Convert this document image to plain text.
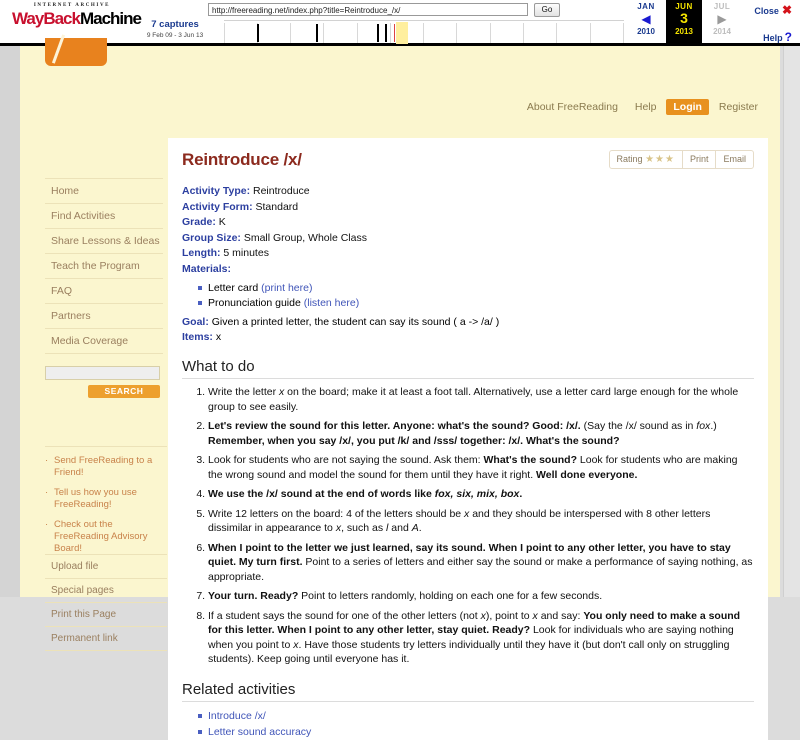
INTERNET ARCHIVE
WayBackMachine	7 captures
9 Feb 09 - 3 Jun 13
http://freereading.net/index.php?title=Reintroduce_/x/	Go	JAN
◀
2010
JUN
3
2013
JUL
▶
2014
Close ✖
Help ?
About FreeReading Help Login Register
Home
Find Activities
Share Lessons & Ideas
Teach the Program
FAQ
Partners
Media Coverage
SEARCH
· Send FreeReading to a Friend!
· Tell us how you use FreeReading!
· Check out the FreeReading Advisory Board!
Upload file
Special pages
Print this Page
Permanent link
Reintroduce /x/	Rating ★★★	Print	Email
Activity Type: Reintroduce
Activity Form: Standard
Grade: K
Group Size: Small Group, Whole Class
Length: 5 minutes
Materials:
Letter card (print here)
Pronunciation guide (listen here)
Goal: Given a printed letter, the student can say its sound ( a -> /a/ )
Items: x
What to do
1. Write the letter x on the board; make it at least a foot tall. Alternatively, use a letter card large enough for the whole group to see easily.
2. Let's review the sound for this letter. Anyone: what's the sound? Good: /x/. (Say the /x/ sound as in fox.) Remember, when you say /x/, you put /k/ and /sss/ together: /x/. What's the sound?
3. Look for students who are not saying the sound. Ask them: What's the sound? Look for students who are making the wrong sound and model the sound for them until they have it right. Well done everyone.
4. We use the /x/ sound at the end of words like fox, six, mix, box.
5. Write 12 letters on the board: 4 of the letters should be x and they should be interspersed with 8 other letters dissimilar in appearance to x, such as l and A.
6. When I point to the letter we just learned, say its sound. When I point to any other letter, you have to stay quiet. My turn first. Point to a series of letters and either say the sound or make a performance of saying nothing, as appropriate.
7. Your turn. Ready? Point to letters randomly, holding on each one for a few seconds.
8. If a student says the sound for one of the other letters (not x), point to x and say: You only need to make a sound for this letter. When I point to any other letter, stay quiet. Ready? Look for individuals who are saying nothing when you point to x. Have those students try letters individually until they have it (but don't call only on struggling students). Keep going until everyone has it.
Related activities
Introduce /x/
Letter sound accuracy
